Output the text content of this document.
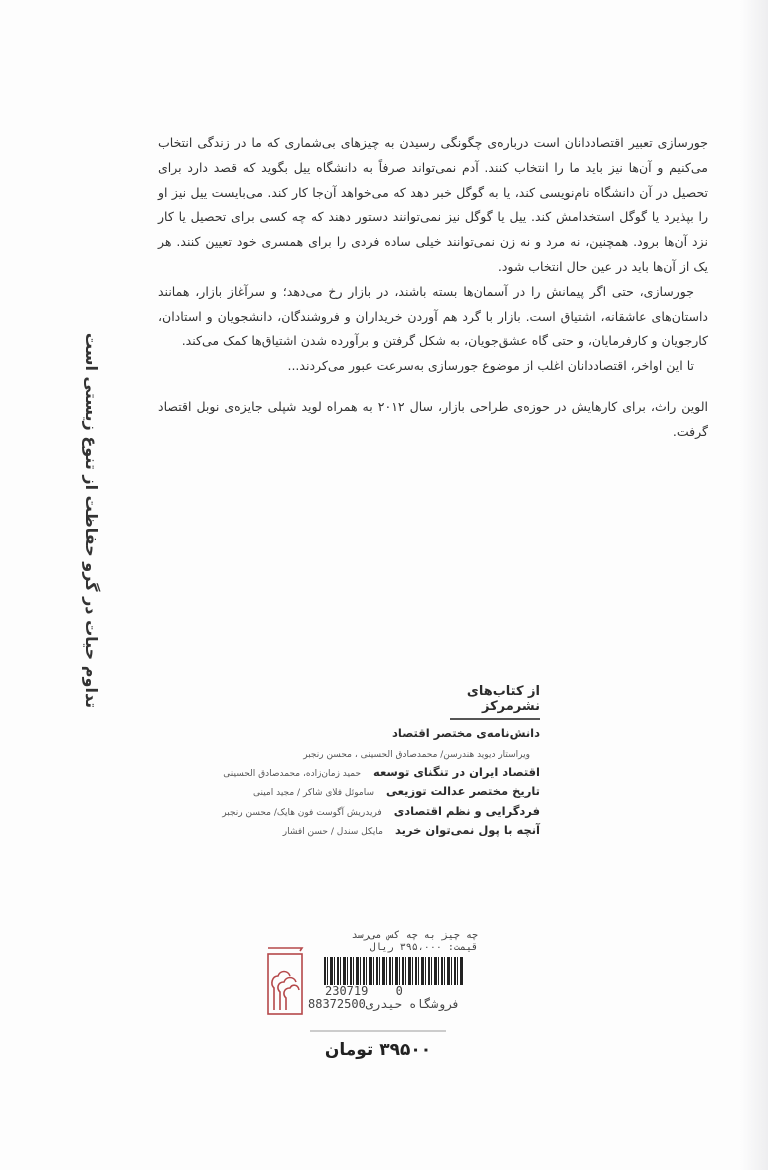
جورسازی تعبیر اقتصاددانان است درباره‌ی چگونگی رسیدن به چیزهای بی‌شماری که ما در زندگی انتخاب می‌کنیم و آن‌ها نیز باید ما را انتخاب کنند. آدم نمی‌تواند صرفاً به دانشگاه ییل بگوید که قصد دارد برای تحصیل در آن دانشگاه نام‌نویسی کند، یا به گوگل خبر دهد که می‌خواهد آن‌جا کار کند. می‌بایست ییل نیز او را بپذیرد یا گوگل استخدامش کند. ییل یا گوگل نیز نمی‌توانند دستور دهند که چه کسی برای تحصیل یا کار نزد آن‌ها برود. همچنین، نه مرد و نه زن نمی‌توانند خیلی ساده فردی را برای همسری خود تعیین کنند. هر یک از آن‌ها باید در عین حال انتخاب شود.

جورسازی، حتی اگر پیمانش را در آسمان‌ها بسته باشند، در بازار رخ می‌دهد؛ و سرآغاز بازار، همانند داستان‌های عاشقانه، اشتیاق است. بازار با گرد هم آوردن خریداران و فروشندگان، دانشجویان و استادان، کارجویان و کارفرمایان، و حتی گاه عشق‌جویان، به شکل گرفتن و برآورده شدن اشتیاق‌ها کمک می‌کند.

تا این اواخر، اقتصاددانان اغلب از موضوع جورسازی به‌سرعت عبور می‌کردند...

الوین راث، برای کارهایش در حوزه‌ی طراحی بازار، سال ۲۰۱۲ به همراه لوید شپلی جایزه‌ی نوبل اقتصاد گرفت.

تداوم حیات در گرو حفاظت از تنوع زیستی است	از کتاب‌های نشرمرکز
دانش‌نامه‌ی مختصر اقتصاد
ویراستار دیوید هندرسن/ محمدصادق الحسینی ، محسن رنجبر
اقتصاد ایران در تنگنای توسعه
حمید زمان‌زاده، محمدصادق الحسینی
تاریخ مختصر عدالت توزیعی
ساموئل فلای شاکر / مجید امینی
فردگرایی و نظم اقتصادی
فریدریش آگوست فون هایک/ محسن رنجبر
آنچه با پول نمی‌توان خرید
مایکل سندل / حسن افشار
چه چیز به چه کس می‌رسد
قیمت: ۳۹۵،۰۰۰ ریال
230719 0
88372500فروشگاه حیدری
۳۹۵۰۰ تومان
